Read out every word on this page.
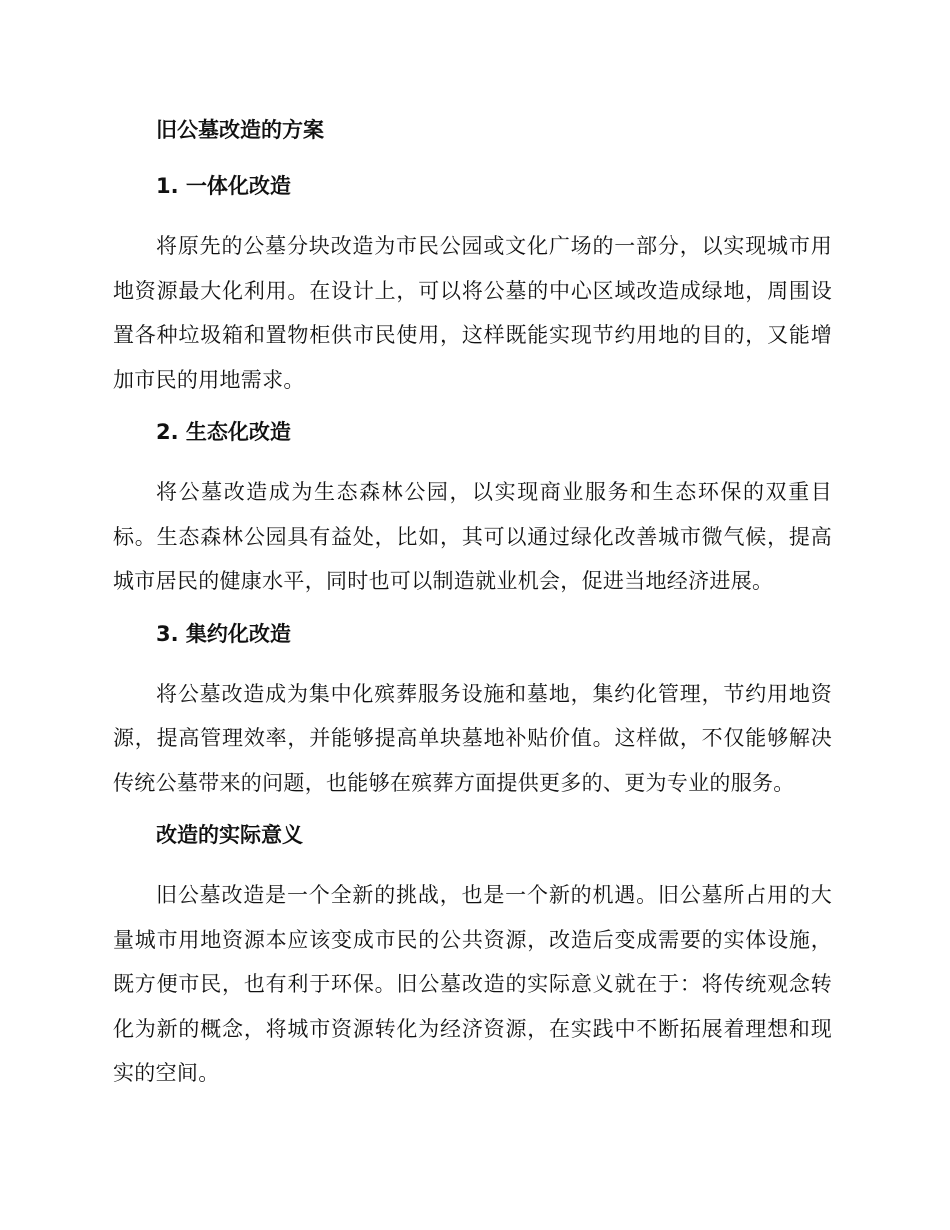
旧公墓改造的方案
1. 一体化改造
将原先的公墓分块改造为市民公园或文化广场的一部分，以实现城市用地资源最大化利用。在设计上，可以将公墓的中心区域改造成绿地，周围设置各种垃圾箱和置物柜供市民使用，这样既能实现节约用地的目的，又能增加市民的用地需求。
2. 生态化改造
将公墓改造成为生态森林公园，以实现商业服务和生态环保的双重目标。生态森林公园具有益处，比如，其可以通过绿化改善城市微气候，提高城市居民的健康水平，同时也可以制造就业机会，促进当地经济进展。
3. 集约化改造
将公墓改造成为集中化殡葬服务设施和墓地，集约化管理，节约用地资源，提高管理效率，并能够提高单块墓地补贴价值。这样做，不仅能够解决传统公墓带来的问题，也能够在殡葬方面提供更多的、更为专业的服务。
改造的实际意义
旧公墓改造是一个全新的挑战，也是一个新的机遇。旧公墓所占用的大量城市用地资源本应该变成市民的公共资源，改造后变成需要的实体设施，既方便市民，也有利于环保。旧公墓改造的实际意义就在于：将传统观念转化为新的概念，将城市资源转化为经济资源，在实践中不断拓展着理想和现实的空间。
